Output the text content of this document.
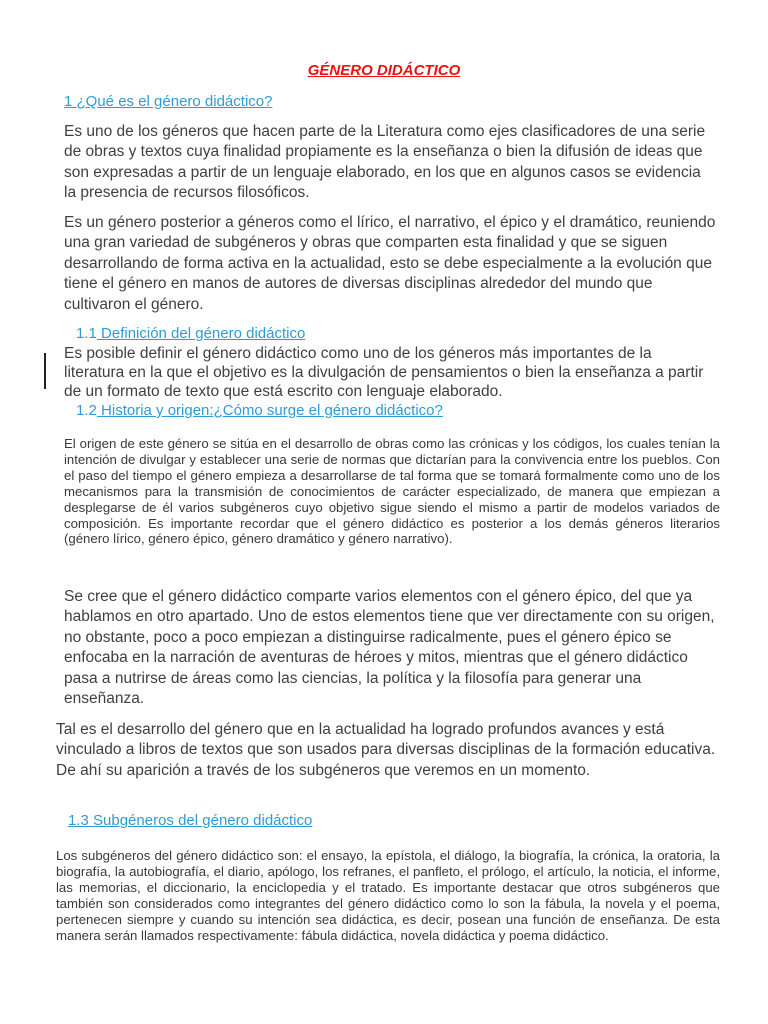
GÉNERO DIDÁCTICO

1 ¿Qué es el género didáctico?

Es uno de los géneros que hacen parte de la Literatura como ejes clasificadores de una serie de obras y textos cuya finalidad propiamente es la enseñanza o bien la difusión de ideas que son expresadas a partir de un lenguaje elaborado, en los que en algunos casos se evidencia la presencia de recursos filosóficos.

Es un género posterior a géneros como el lírico, el narrativo, el épico y el dramático, reuniendo una gran variedad de subgéneros y obras que comparten esta finalidad y que se siguen desarrollando de forma activa en la actualidad, esto se debe especialmente a la evolución que tiene el género en manos de autores de diversas disciplinas alrededor del mundo que cultivaron el género.

1.1 Definición del género didáctico

Es posible definir el género didáctico como uno de los géneros más importantes de la literatura en la que el objetivo es la divulgación de pensamientos o bien la enseñanza a partir de un formato de texto que está escrito con lenguaje elaborado.

1.2 Historia y origen:¿Cómo surge el género didáctico?

El origen de este género se sitúa en el desarrollo de obras como las crónicas y los códigos, los cuales tenían la intención de divulgar y establecer una serie de normas que dictarían para la convivencia entre los pueblos. Con el paso del tiempo el género empieza a desarrollarse de tal forma que se tomará formalmente como uno de los mecanismos para la transmisión de conocimientos de carácter especializado, de manera que empiezan a desplegarse de él varios subgéneros cuyo objetivo sigue siendo el mismo a partir de modelos variados de composición. Es importante recordar que el género didáctico es posterior a los demás géneros literarios (género lírico, género épico, género dramático y género narrativo).

Se cree que el género didáctico comparte varios elementos con el género épico, del que ya hablamos en otro apartado. Uno de estos elementos tiene que ver directamente con su origen, no obstante, poco a poco empiezan a distinguirse radicalmente, pues el género épico se enfocaba en la narración de aventuras de héroes y mitos, mientras que el género didáctico pasa a nutrirse de áreas como las ciencias, la política y la filosofía para generar una enseñanza.

Tal es el desarrollo del género que en la actualidad ha logrado profundos avances y está vinculado a libros de textos que son usados para diversas disciplinas de la formación educativa. De ahí su aparición a través de los subgéneros que veremos en un momento.

1.3 Subgéneros del género didáctico

Los subgéneros del género didáctico son: el ensayo, la epístola, el diálogo, la biografía, la crónica, la oratoria, la biografía, la autobiografía, el diario, apólogo, los refranes, el panfleto, el prólogo, el artículo, la noticia, el informe, las memorias, el diccionario, la enciclopedia y el tratado. Es importante destacar que otros subgéneros que también son considerados como integrantes del género didáctico como lo son la fábula, la novela y el poema, pertenecen siempre y cuando su intención sea didáctica, es decir, posean una función de enseñanza. De esta manera serán llamados respectivamente: fábula didáctica, novela didáctica y poema didáctico.
